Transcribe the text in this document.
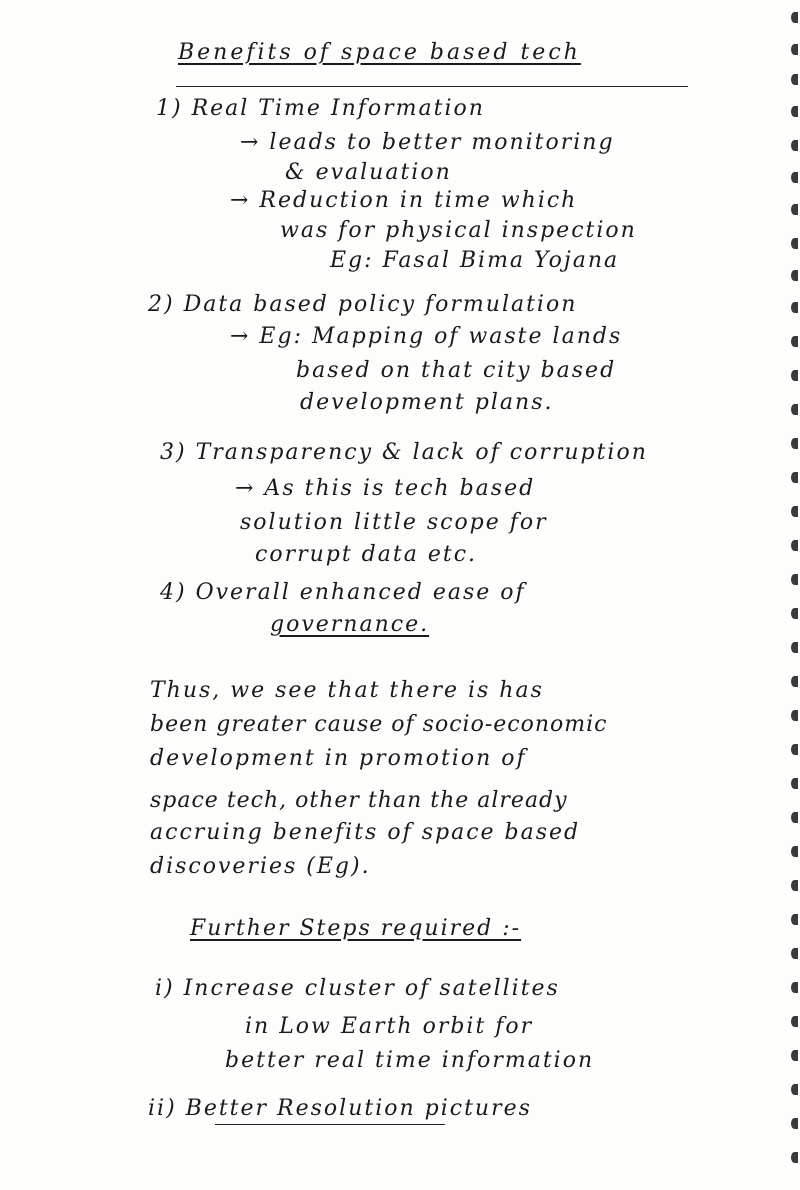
Benefits of space based tech
1) Real Time Information
→ leads to better monitoring
& evaluation
→ Reduction in time which
was for physical inspection
Eg: Fasal Bima Yojana
2) Data based policy formulation
→ Eg: Mapping of waste lands
based on that city based
development plans.
3) Transparency & lack of corruption
→ As this is tech based
solution little scope for
corrupt data etc.
4) Overall enhanced ease of
governance.
Thus, we see that there is has
been greater cause of socio-economic
development in promotion of
space tech, other than the already
accruing benefits of space based
discoveries (Eg).
Further Steps required :-
i) Increase cluster of satellites
in Low Earth orbit for
better real time information
ii) Better Resolution pictures
